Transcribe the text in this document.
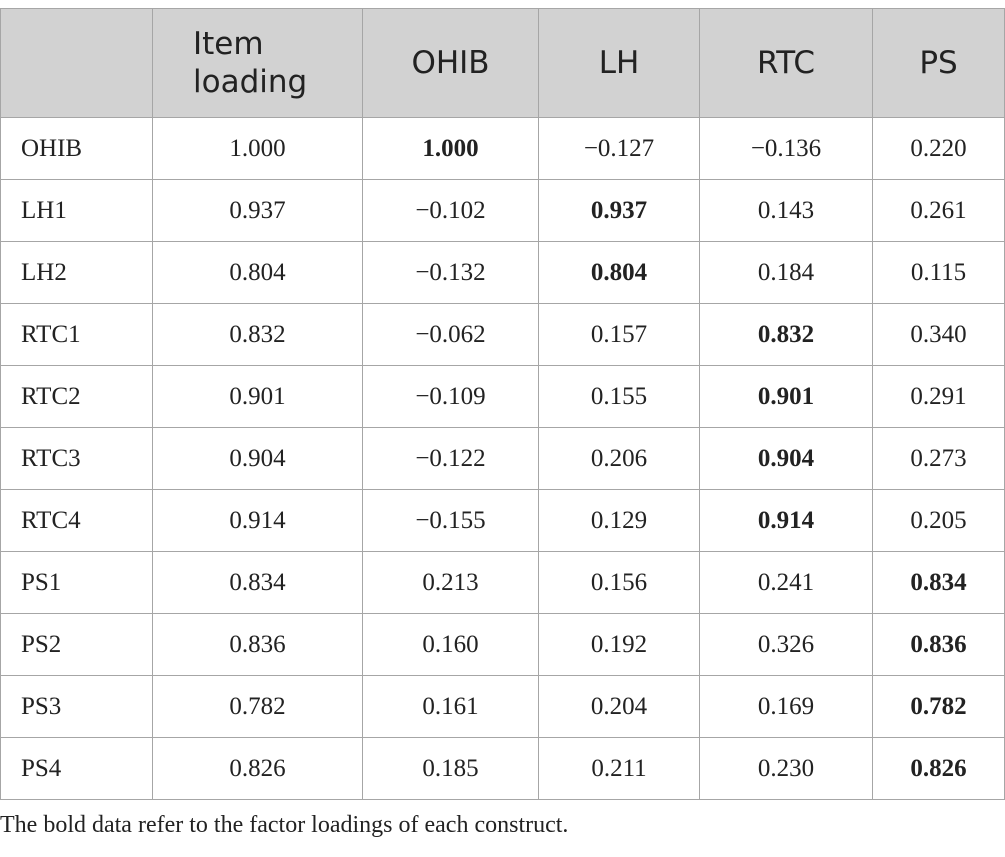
	Item loading	OHIB	LH	RTC	PS
OHIB	1.000	1.000	−0.127	−0.136	0.220
LH1	0.937	−0.102	0.937	0.143	0.261
LH2	0.804	−0.132	0.804	0.184	0.115
RTC1	0.832	−0.062	0.157	0.832	0.340
RTC2	0.901	−0.109	0.155	0.901	0.291
RTC3	0.904	−0.122	0.206	0.904	0.273
RTC4	0.914	−0.155	0.129	0.914	0.205
PS1	0.834	0.213	0.156	0.241	0.834
PS2	0.836	0.160	0.192	0.326	0.836
PS3	0.782	0.161	0.204	0.169	0.782
PS4	0.826	0.185	0.211	0.230	0.826
The bold data refer to the factor loadings of each construct.
